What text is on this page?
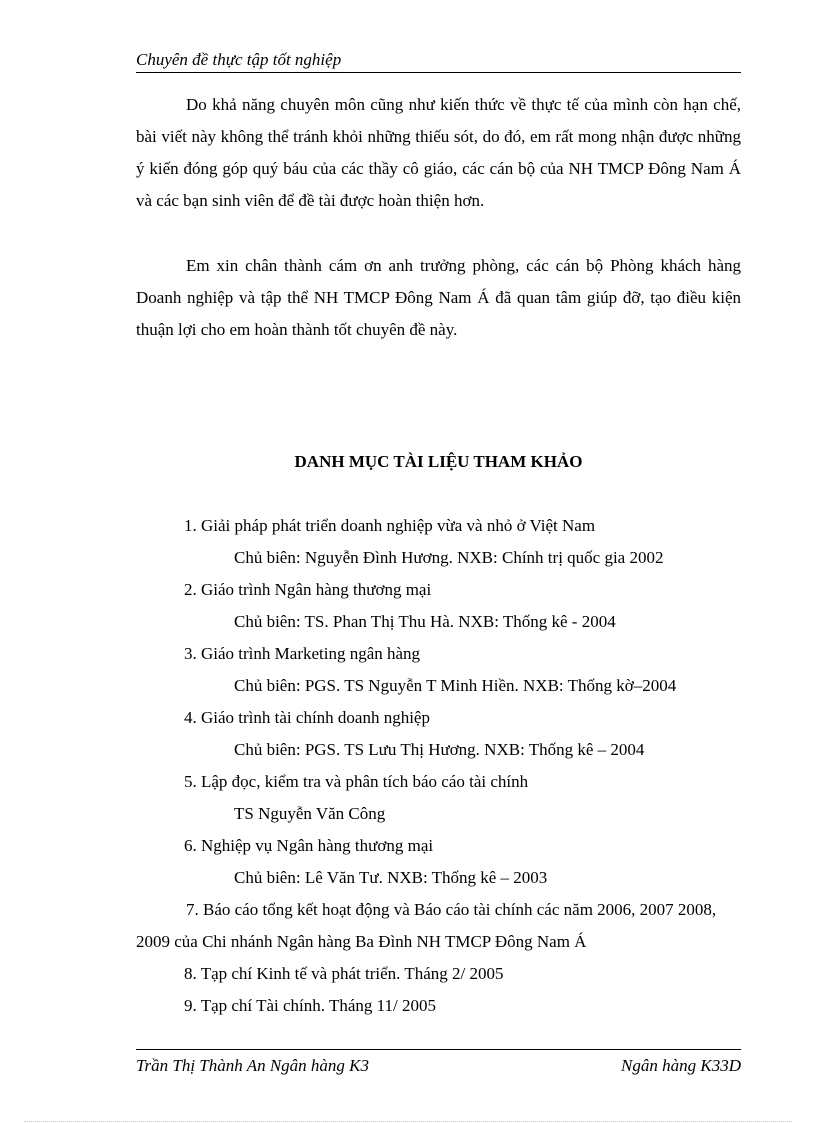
Chuyên đề thực tập tốt nghiệp

Do khả năng chuyên môn cũng như kiến thức về thực tế của mình còn hạn chế, bài viết này không thể tránh khỏi những thiếu sót, do đó, em rất mong nhận được những ý kiến đóng góp quý báu của các thầy cô giáo, các cán bộ của NH TMCP Đông Nam Á và các bạn sinh viên để đề tài được hoàn thiện hơn.

Em xin chân thành cám ơn anh trưởng phòng, các cán bộ Phòng khách hàng Doanh nghiệp và tập thể NH TMCP Đông Nam Á đã quan tâm giúp đỡ, tạo điều kiện thuận lợi cho em hoàn thành tốt chuyên đề này.

DANH MỤC TÀI LIỆU THAM KHẢO
1. Giải pháp phát triển doanh nghiệp vừa và nhỏ ở Việt Nam
Chủ biên: Nguyễn Đình Hương. NXB: Chính trị quốc gia 2002
2. Giáo trình Ngân hàng thương mại
Chủ biên: TS. Phan Thị Thu Hà. NXB: Thống kê - 2004
3. Giáo trình Marketing ngân hàng
Chủ biên: PGS. TS Nguyễn T Minh Hiền. NXB: Thống kờ–2004
4. Giáo trình tài chính doanh nghiệp
Chủ biên: PGS. TS Lưu Thị Hương. NXB: Thống kê – 2004
5. Lập đọc, kiểm tra và phân tích báo cáo tài chính
TS Nguyễn Văn Công
6. Nghiệp vụ Ngân hàng thương mại
Chủ biên: Lê Văn Tư. NXB: Thống kê – 2003
7. Báo cáo tổng kết hoạt động và Báo cáo tài chính các năm 2006, 2007 2008, 2009 của Chi nhánh Ngân hàng Ba Đình NH TMCP Đông Nam Á
8. Tạp chí Kinh tế và phát triển. Tháng 2/ 2005
9. Tạp chí Tài chính. Tháng 11/ 2005
Trần Thị Thành An Ngân hàng K3	Ngân hàng K33D
